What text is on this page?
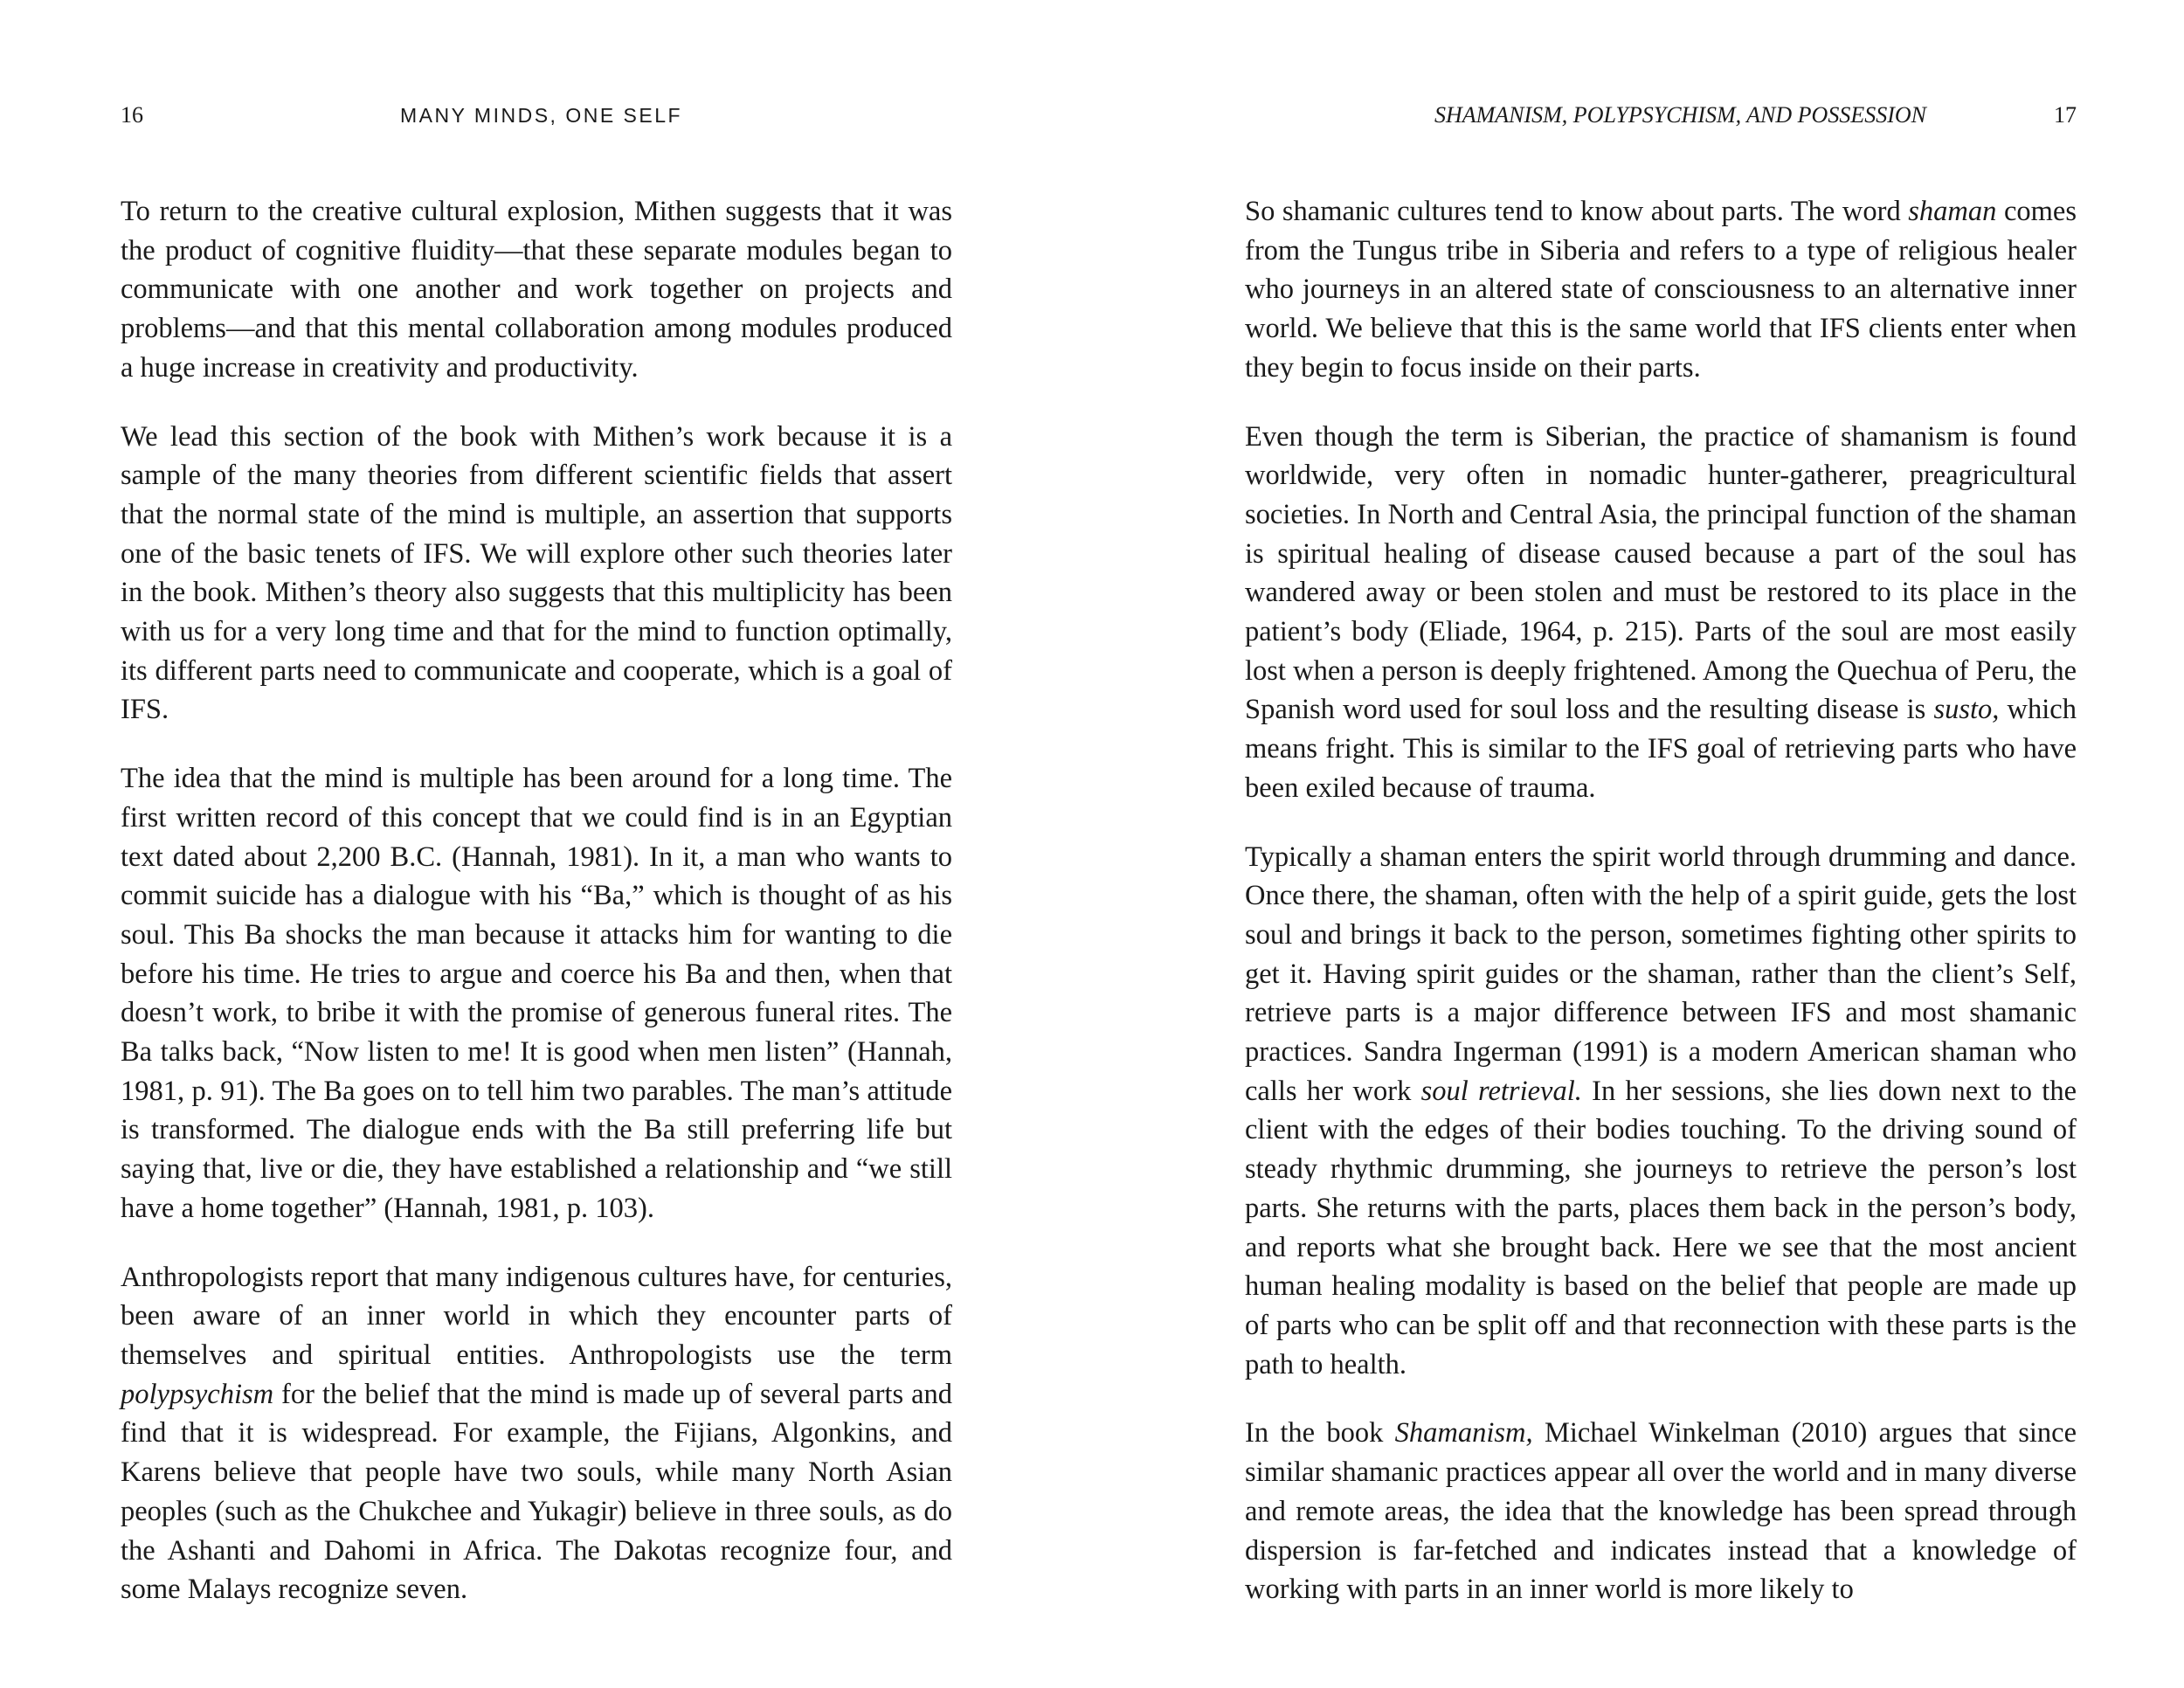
16	MANY MINDS, ONE SELF

To return to the creative cultural explosion, Mithen suggests that it was the product of cognitive fluidity—that these separate modules began to communicate with one another and work together on projects and problems—and that this mental collaboration among modules produced a huge increase in creativity and productivity.

We lead this section of the book with Mithen’s work because it is a sample of the many theories from different scientific fields that assert that the normal state of the mind is multiple, an assertion that supports one of the basic tenets of IFS. We will explore other such theories later in the book. Mithen’s theory also suggests that this multiplicity has been with us for a very long time and that for the mind to function optimally, its different parts need to communicate and cooperate, which is a goal of IFS.

The idea that the mind is multiple has been around for a long time. The first written record of this concept that we could find is in an Egyptian text dated about 2,200 B.C. (Hannah, 1981). In it, a man who wants to commit suicide has a dialogue with his “Ba,” which is thought of as his soul. This Ba shocks the man because it attacks him for wanting to die before his time. He tries to argue and coerce his Ba and then, when that doesn’t work, to bribe it with the promise of generous funeral rites. The Ba talks back, “Now listen to me! It is good when men listen” (Hannah, 1981, p. 91). The Ba goes on to tell him two parables. The man’s attitude is transformed. The dialogue ends with the Ba still preferring life but saying that, live or die, they have established a relationship and “we still have a home together” (Hannah, 1981, p. 103).

Anthropologists report that many indigenous cultures have, for centuries, been aware of an inner world in which they encounter parts of themselves and spiritual entities. Anthropologists use the term polypsychism for the belief that the mind is made up of several parts and find that it is widespread. For example, the Fijians, Algonkins, and Karens believe that people have two souls, while many North Asian peoples (such as the Chukchee and Yukagir) believe in three souls, as do the Ashanti and Dahomi in Africa. The Dakotas recognize four, and some Malays recognize seven.

SHAMANISM, POLYPSYCHISM, AND POSSESSION	17

So shamanic cultures tend to know about parts. The word shaman comes from the Tungus tribe in Siberia and refers to a type of religious healer who journeys in an altered state of consciousness to an alternative inner world. We believe that this is the same world that IFS clients enter when they begin to focus inside on their parts.

Even though the term is Siberian, the practice of shamanism is found worldwide, very often in nomadic hunter-gatherer, preagricultural societies. In North and Central Asia, the principal function of the shaman is spiritual healing of disease caused because a part of the soul has wandered away or been stolen and must be restored to its place in the patient’s body (Eliade, 1964, p. 215). Parts of the soul are most easily lost when a person is deeply frightened. Among the Quechua of Peru, the Spanish word used for soul loss and the resulting disease is susto, which means fright. This is similar to the IFS goal of retrieving parts who have been exiled because of trauma.

Typically a shaman enters the spirit world through drumming and dance. Once there, the shaman, often with the help of a spirit guide, gets the lost soul and brings it back to the person, sometimes fighting other spirits to get it. Having spirit guides or the shaman, rather than the client’s Self, retrieve parts is a major difference between IFS and most shamanic practices. Sandra Ingerman (1991) is a modern American shaman who calls her work soul retrieval. In her sessions, she lies down next to the client with the edges of their bodies touching. To the driving sound of steady rhythmic drumming, she journeys to retrieve the person’s lost parts. She returns with the parts, places them back in the person’s body, and reports what she brought back. Here we see that the most ancient human healing modality is based on the belief that people are made up of parts who can be split off and that reconnection with these parts is the path to health.

In the book Shamanism, Michael Winkelman (2010) argues that since similar shamanic practices appear all over the world and in many diverse and remote areas, the idea that the knowledge has been spread through dispersion is far-fetched and indicates instead that a knowledge of working with parts in an inner world is more likely to
